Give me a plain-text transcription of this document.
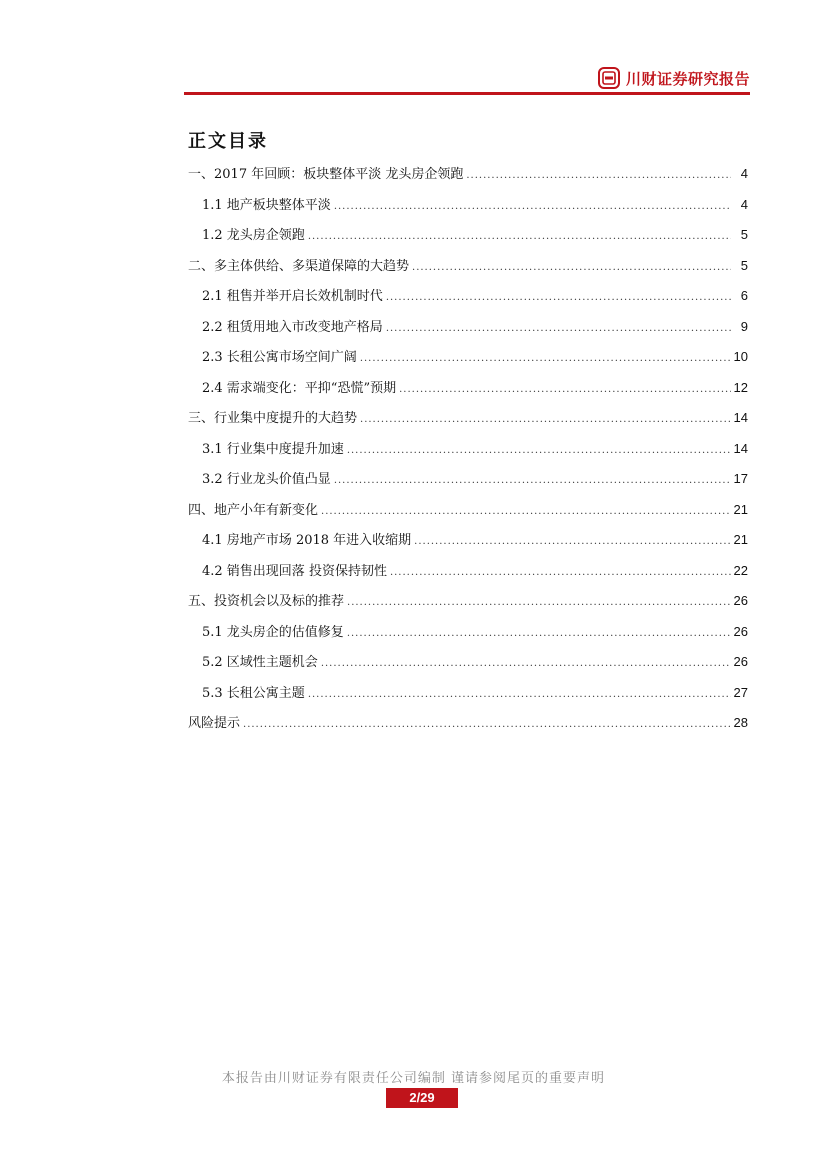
川财证券研究报告
正文目录
一、2017 年回顾：板块整体平淡 龙头房企领跑 .....	4
1.1 地产板块整体平淡 .....	4
1.2 龙头房企领跑 .....	5
二、多主体供给、多渠道保障的大趋势 .....	5
2.1 租售并举开启长效机制时代 .....	6
2.2 租赁用地入市改变地产格局 .....	9
2.3 长租公寓市场空间广阔 .....	10
2.4 需求端变化：平抑“恐慌”预期 .....	12
三、行业集中度提升的大趋势 .....	14
3.1 行业集中度提升加速 .....	14
3.2 行业龙头价值凸显 .....	17
四、地产小年有新变化 .....	21
4.1 房地产市场 2018 年进入收缩期 .....	21
4.2 销售出现回落 投资保持韧性 .....	22
五、投资机会以及标的推荐 .....	26
5.1 龙头房企的估值修复 .....	26
5.2 区域性主题机会 .....	26
5.3 长租公寓主题 .....	27
风险提示 .....	28
本报告由川财证券有限责任公司编制 谨请参阅尾页的重要声明
2/29
